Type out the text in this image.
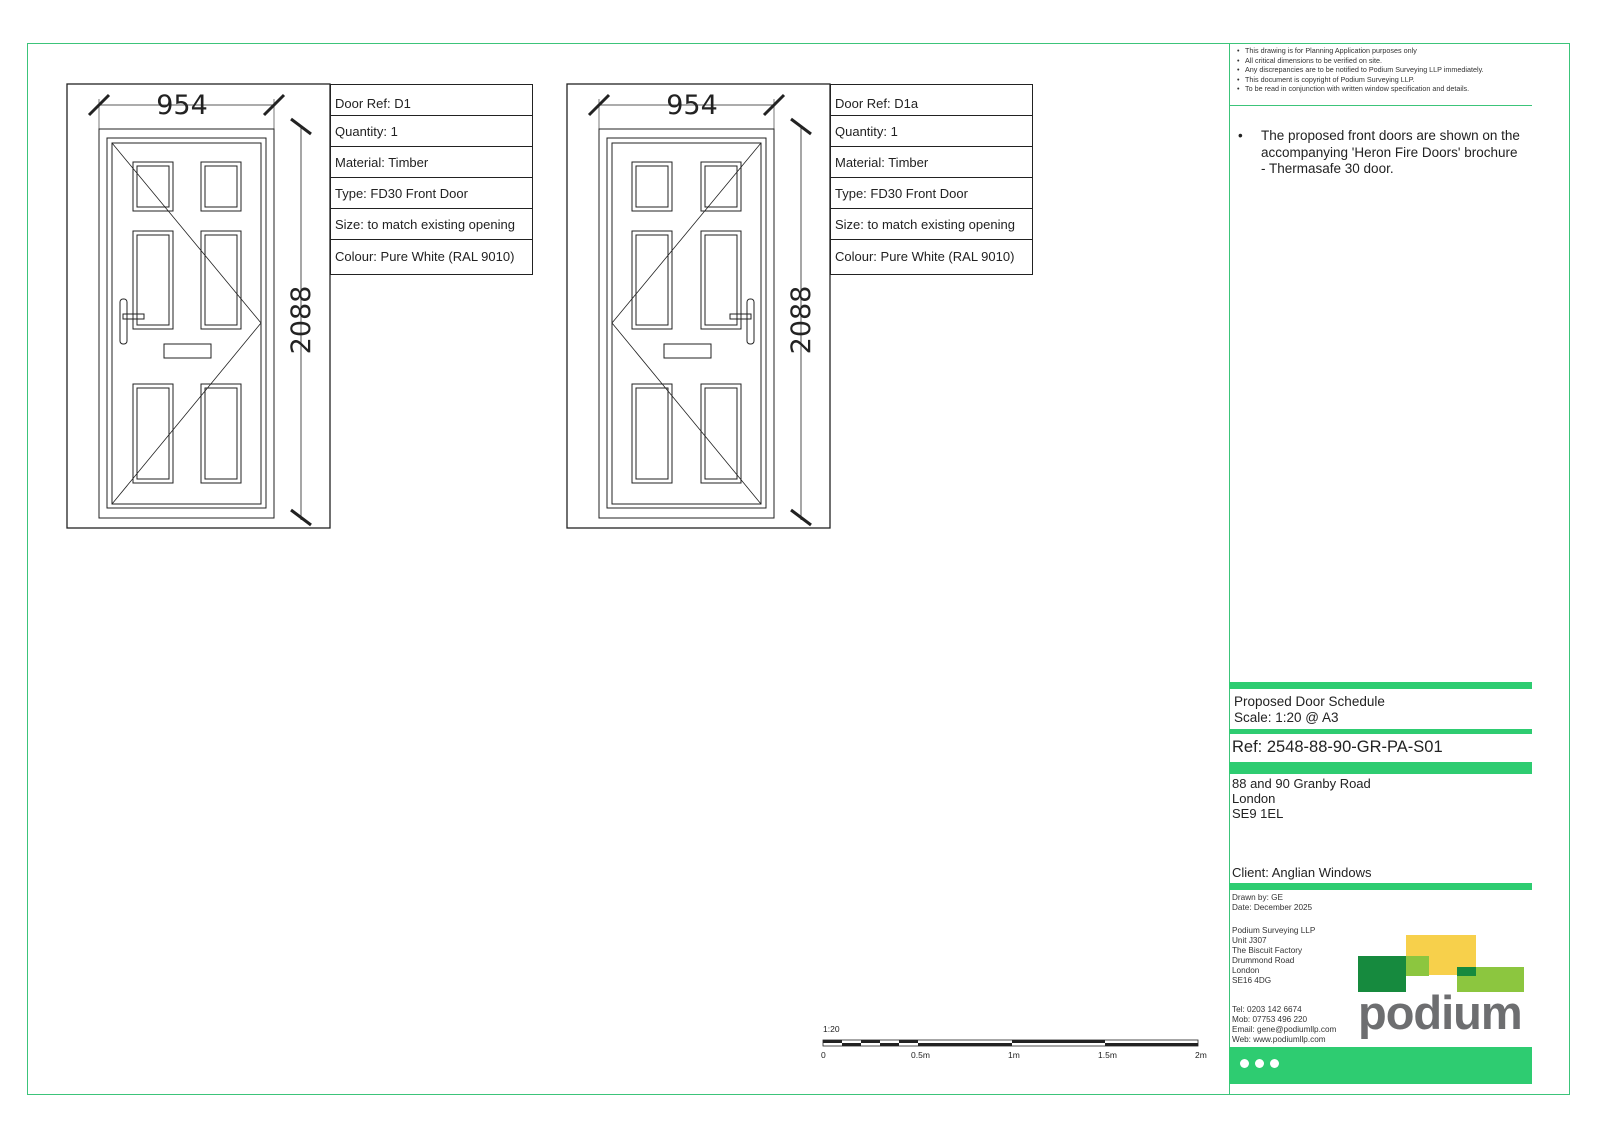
• This drawing is for Planning Application purposes only
• All critical dimensions to be verified on site.
• Any discrepancies are to be notified to Podium Surveying LLP immediately.
• This document is copyright of Podium Surveying LLP.
• To be read in conjunction with written window specification and details.
•	The proposed front doors are shown on the accompanying 'Heron Fire Doors' brochure - Thermasafe 30 door.
Proposed Door Schedule
Scale: 1:20 @ A3
Ref: 2548-88-90-GR-PA-S01
88 and 90 Granby Road
London
SE9 1EL
Client: Anglian Windows
Drawn by: GE
Date: December 2025
Podium Surveying LLP
Unit J307
The Biscuit Factory
Drummond Road
London
SE16 4DG
Tel: 0203 142 6674
Mob: 07753 496 220
Email: gene@podiumllp.com
Web: www.podiumllp.com
podium
Door Ref: D1
Quantity: 1
Material: Timber
Type: FD30 Front Door
Size: to match existing opening
Colour: Pure White (RAL 9010)
Door Ref: D1a
Quantity: 1
Material: Timber
Type: FD30 Front Door
Size: to match existing opening
Colour: Pure White (RAL 9010)
954
2088
954
2088
1:20
0	0.5m	1m	1.5m	2m
